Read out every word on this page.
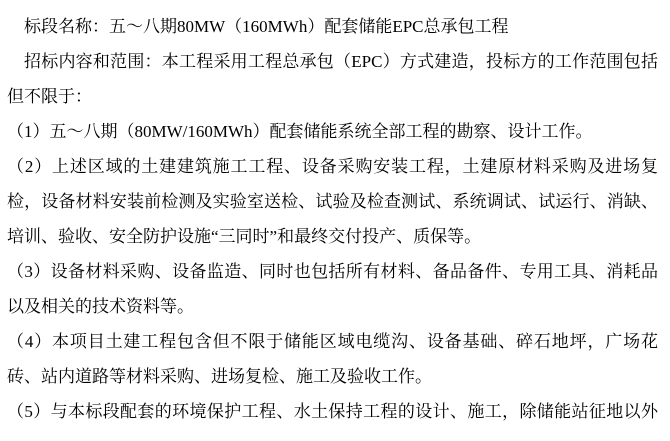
标段名称：五～八期80MW（160MWh）配套储能EPC总承包工程
招标内容和范围：本工程采用工程总承包（EPC）方式建造，投标方的工作范围包括
但不限于：
（1）五～八期（80MW/160MWh）配套储能系统全部工程的勘察、设计工作。
（2）上述区域的土建建筑施工工程、设备采购安装工程，土建原材料采购及进场复
检，设备材料安装前检测及实验室送检、试验及检查测试、系统调试、试运行、消缺、
培训、验收、安全防护设施“三同时”和最终交付投产、质保等。
（3）设备材料采购、设备监造、同时也包括所有材料、备品备件、专用工具、消耗品
以及相关的技术资料等。
（4）本项目土建工程包含但不限于储能区域电缆沟、设备基础、碎石地坪，广场花
砖、站内道路等材料采购、进场复检、施工及验收工作。
（5）与本标段配套的环境保护工程、水土保持工程的设计、施工，除储能站征地以外
